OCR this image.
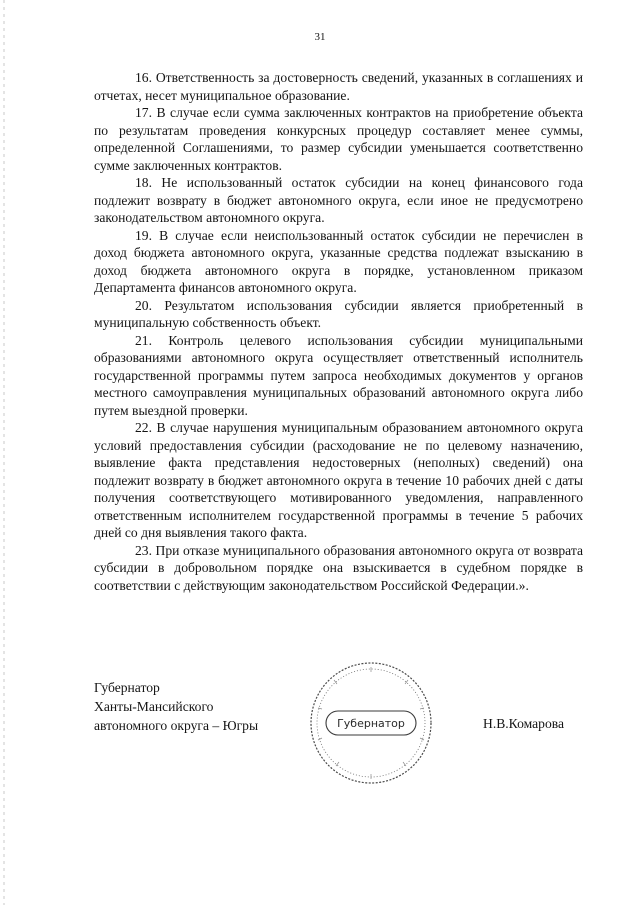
31

16. Ответственность за достоверность сведений, указанных в соглашениях и отчетах, несет муниципальное образование.

17. В случае если сумма заключенных контрактов на приобретение объекта по результатам проведения конкурсных процедур составляет менее суммы, определенной Соглашениями, то размер субсидии уменьшается соответственно сумме заключенных контрактов.

18. Не использованный остаток субсидии на конец финансового года подлежит возврату в бюджет автономного округа, если иное не предусмотрено законодательством автономного округа.

19. В случае если неиспользованный остаток субсидии не перечислен в доход бюджета автономного округа, указанные средства подлежат взысканию в доход бюджета автономного округа в порядке, установленном приказом Департамента финансов автономного округа.

20. Результатом использования субсидии является приобретенный в муниципальную собственность объект.

21. Контроль целевого использования субсидии муниципальными образованиями автономного округа осуществляет ответственный исполнитель государственной программы путем запроса необходимых документов у органов местного самоуправления муниципальных образований автономного округа либо путем выездной проверки.

22. В случае нарушения муниципальным образованием автономного округа условий предоставления субсидии (расходование не по целевому назначению, выявление факта представления недостоверных (неполных) сведений) она подлежит возврату в бюджет автономного округа в течение 10 рабочих дней с даты получения соответствующего мотивированного уведомления, направленного ответственным исполнителем государственной программы в течение 5 рабочих дней со дня выявления такого факта.

23. При отказе муниципального образования автономного округа от возврата субсидии в добровольном порядке она взыскивается в судебном порядке в соответствии с действующим законодательством Российской Федерации.».

Губернатор
Ханты-Мансийского
автономного округа – Югры	Губернатор	Н.В.Комарова
